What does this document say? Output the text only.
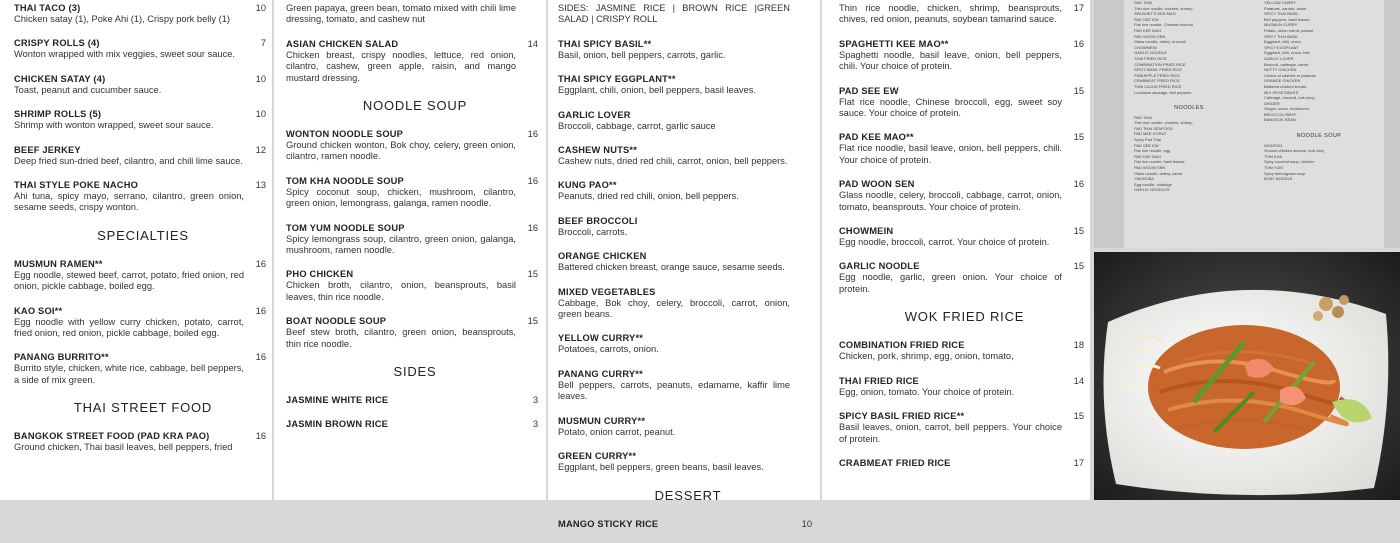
THAI TACO (3)
Chicken satay (1), Poke Ahi (1), Crispy pork belly (1)
10
CRISPY ROLLS (4)
Wonton wrapped with mix veggies, sweet sour sauce.
7
CHICKEN SATAY (4)
Toast, peanut and cucumber sauce.
10
SHRIMP ROLLS (5)
Shrimp with wonton wrapped, sweet sour sauce.
10
BEEF JERKEY
Deep fried sun-dried beef, cilantro, and chili lime sauce.
12
THAI STYLE POKE NACHO
Ahi tuna, spicy mayo, serrano, cilantro, green onion, sesame seeds, crispy wonton.
13
SPECIALTIES
MUSMUN RAMEN**
Egg noodle, stewed beef, carrot, potato, fried onion, red onion, pickle cabbage, boiled egg.
16
KAO SOI**
Egg noodle with yellow curry chicken, potato, carrot, fried onion, red onion, pickle cabbage, boiled egg.
16
PANANG BURRITO**
Burrito style, chicken, white rice, cabbage, bell peppers, a side of mix green.
16
THAI STREET FOOD
BANGKOK STREET FOOD (PAD KRA PAO)
Ground chicken, Thai basil leaves, bell peppers, fried
16
Green papaya, green bean, tomato mixed with chili lime dressing, tomato, and cashew nut
ASIAN CHICKEN SALAD
Chicken breast, crispy noodles, lettuce, red onion, cilantro, cashew, green apple, raisin, and mango mustard dressing.
14
NOODLE SOUP
WONTON NOODLE SOUP
Ground chicken wonton, Bok choy, celery, green onion, cilantro, ramen noodle.
16
TOM KHA NOODLE SOUP
Spicy coconut soup, chicken, mushroom, cilantro, green onion, lemongrass, galanga, ramen noodle.
16
TOM YUM NOODLE SOUP
Spicy lemongrass soup, cilantro, green onion, galanga, mushroom, ramen noodle.
16
PHO CHICKEN
Chicken broth, cilantro, onion, beansprouts, basil leaves, thin rice noodle.
15
BOAT NOODLE SOUP
Beef stew broth, cilantro, green onion, beansprouts, thin rice noodle.
15
SIDES
JASMINE WHITE RICE	3
JASMIN BROWN RICE	3
SIDES: JASMINE RICE | BROWN RICE |GREEN SALAD | CRISPY ROLL
THAI SPICY BASIL**
Basil, onion, bell peppers, carrots, garlic.
THAI SPICY EGGPLANT**
Eggplant, chili, onion, bell peppers, basil leaves.
GARLIC LOVER
Broccoli, cabbage, carrot, garlic sauce
CASHEW NUTS**
Cashew nuts, dried red chili, carrot, onion, bell peppers.
KUNG PAO**
Peanuts, dried red chili, onion, bell peppers.
BEEF BROCCOLI
Broccoli, carrots.
ORANGE CHICKEN
Battered chicken breast, orange sauce, sesame seeds.
MIXED VEGETABLES
Cabbage, Bok choy, celery, broccoli, carrot, onion, green beans.
YELLOW CURRY**
Potatoes, carrots, onion.
PANANG CURRY**
Bell peppers, carrots, peanuts, edamame, kaffir lime leaves.
MUSMUN CURRY**
Potato, onion carrot, peanut.
GREEN CURRY**
Eggplant, bell peppers, green beans, basil leaves.
DESSERT
MANGO STICKY RICE	10
Thin rice noodle, chicken, shrimp, beansprouts, chives, red onion, peanuts, soybean tamarind sauce.
17
SPAGHETTI KEE MAO**
Spaghetti noodle, basil leave, onion, bell peppers, chili. Your choice of protein.
16
PAD SEE EW
Flat rice noodle, Chinese broccoli, egg, sweet soy sauce. Your choice of protein.
15
PAD KEE MAO**
Flat rice noodle, basil leave, onion, bell peppers, chili. Your choice of protein.
15
PAD WOON SEN
Glass noodle, celery, broccoli, cabbage, carrot, onion, tomato, beansprouts. Your choice of protein.
16
CHOWMEIN
Egg noodle, broccoli, carrot. Your choice of protein.
15
GARLIC NOODLE
Egg noodle, garlic, green onion. Your choice of protein.
15
WOK FRIED RICE
COMBINATION FRIED RICE
Chicken, pork, shrimp, egg, onion, tomato,
18
THAI FRIED RICE
Egg, onion, tomato. Your choice of protein.
14
SPICY BASIL FRIED RICE**
Basil leaves, onion, carrot, bell peppers. Your choice of protein.
15
CRABMEAT FRIED RICE	17
PAD THAI
Thin rice noodle, chicken, shrimp
SPAGHETTI KEE MAO
PAD SEE EW
Flat rice noodle, Chinese broccoli
PAD KEE MAO
PAD WOON SEN
Glass noodle, celery, broccoli
CHOWMEIN
GARLIC NOODLE
THAI FRIED RICE
COMBINATION FRIED RICE
SPICY BASIL FRIED RICE
PINEAPPLE FRIED RICE
CRABMEAT FRIED RICE
THAI CAJUN FRIED RICE
Louisiana sausage, bell peppers
NOODLES
PAD THAI
Thin rice noodle, chicken, shrimp
PAD THAI SEAFOOD
PAD MEE KORAT
Spicy Pad Thai
PAD SEE EW
Flat rice noodle, egg
PAD KEE MAO
Flat rice noodle, basil leaves
PAD WOON SEN
Glass noodle, celery, carrot
YAKISOBA
Egg noodle, cabbage
GARLIC NOODLES
YELLOW CURRY
Potatoes, carrots, onion
SPICY THAI BASIL
Bell peppers, basil leaves
MUSMUN CURRY
Potato, onion carrot, peanut
SPICY THAI BASIL
Eggplant, chili, onion
SPICY EGGPLANT
Eggplant, chili, onion, bell
GARLIC LOVER
Broccoli, cabbage, carrot
NUTTY CHICKEN
Choice of cashew or peanuts
ORANGE CHICKEN
Battered chicken breast
MIX VEGETABLES
Cabbage, broccoli, bok choy
GINGER
Ginger, onion, mushroom
BROCCOLI BEEF
BANGKOK BEAN
NOODLE SOUP
WONTON
Ground chicken wonton, bok choy
TOM KHA
Spicy coconut soup, chicken
TOM YUM
Spicy lemongrass soup
BOAT NOODLE
